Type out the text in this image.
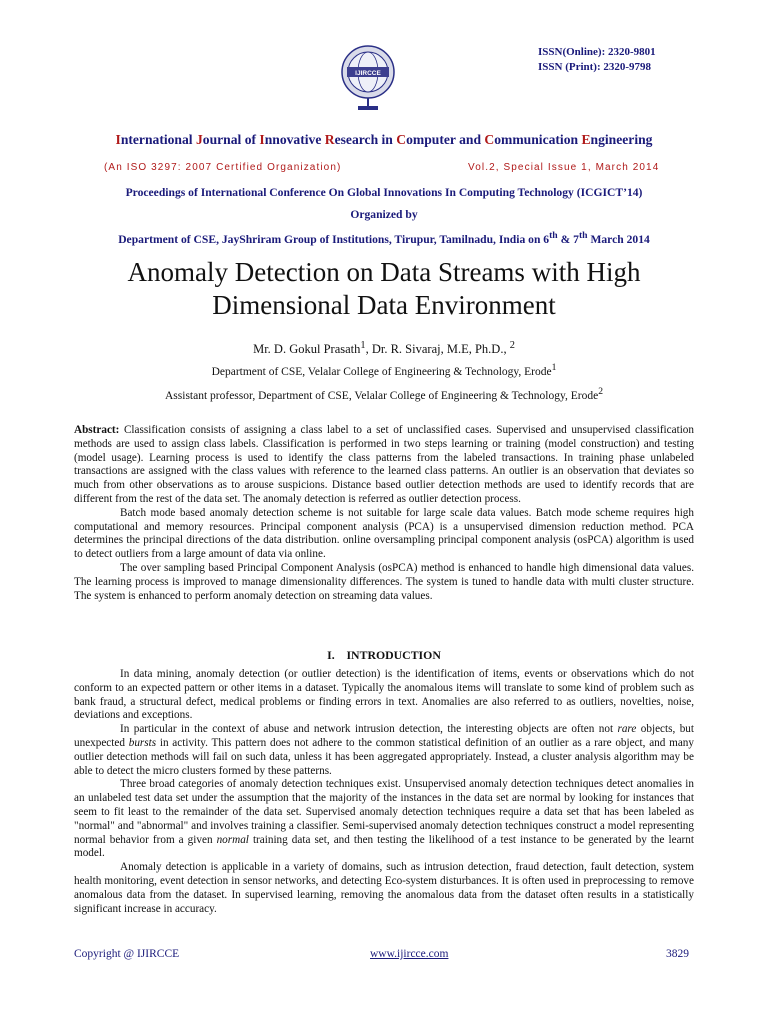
IJIRCCE
ISSN(Online): 2320-9801
ISSN (Print): 2320-9798
International Journal of Innovative Research in Computer and Communication Engineering
(An ISO 3297: 2007 Certified Organization)	Vol.2, Special Issue 1, March 2014
Proceedings of International Conference On Global Innovations In Computing Technology (ICGICT’14)
Organized by
Department of CSE, JayShriram Group of Institutions, Tirupur, Tamilnadu, India on 6th & 7th March 2014
Anomaly Detection on Data Streams with High
Dimensional Data Environment
Mr. D. Gokul Prasath$^1$, Dr. R. Sivaraj, M.E, Ph.D., $^2$
Department of CSE, Velalar College of Engineering & Technology, Erode$^1$
Assistant professor, Department of CSE, Velalar College of Engineering & Technology, Erode$^2$

Abstract: Classification consists of assigning a class label to a set of unclassified cases. Supervised and unsupervised classification methods are used to assign class labels. Classification is performed in two steps learning or training (model construction) and testing (model usage). Learning process is used to identify the class patterns from the labeled transactions. In training phase unlabeled transactions are assigned with the class values with reference to the learned class patterns. An outlier is an observation that deviates so much from other observations as to arouse suspicions. Distance based outlier detection methods are used to identify records that are different from the rest of the data set. The anomaly detection is referred as outlier detection process.

Batch mode based anomaly detection scheme is not suitable for large scale data values. Batch mode scheme requires high computational and memory resources. Principal component analysis (PCA) is a unsupervised dimension reduction method. PCA determines the principal directions of the data distribution. online oversampling principal component analysis (osPCA) algorithm is used to detect outliers from a large amount of data via online.

The over sampling based Principal Component Analysis (osPCA) method is enhanced to handle high dimensional data values. The learning process is improved to manage dimensionality differences. The system is tuned to handle data with multi cluster structure. The system is enhanced to perform anomaly detection on streaming data values.

I.    INTRODUCTION

In data mining, anomaly detection (or outlier detection) is the identification of items, events or observations which do not conform to an expected pattern or other items in a dataset. Typically the anomalous items will translate to some kind of problem such as bank fraud, a structural defect, medical problems or finding errors in text. Anomalies are also referred to as outliers, novelties, noise, deviations and exceptions.

In particular in the context of abuse and network intrusion detection, the interesting objects are often not rare objects, but unexpected bursts in activity. This pattern does not adhere to the common statistical definition of an outlier as a rare object, and many outlier detection methods will fail on such data, unless it has been aggregated appropriately. Instead, a cluster analysis algorithm may be able to detect the micro clusters formed by these patterns.

Three broad categories of anomaly detection techniques exist. Unsupervised anomaly detection techniques detect anomalies in an unlabeled test data set under the assumption that the majority of the instances in the data set are normal by looking for instances that seem to fit least to the remainder of the data set. Supervised anomaly detection techniques require a data set that has been labeled as "normal" and "abnormal" and involves training a classifier. Semi-supervised anomaly detection techniques construct a model representing normal behavior from a given normal training data set, and then testing the likelihood of a test instance to be generated by the learnt model.

Anomaly detection is applicable in a variety of domains, such as intrusion detection, fraud detection, fault detection, system health monitoring, event detection in sensor networks, and detecting Eco-system disturbances. It is often used in preprocessing to remove anomalous data from the dataset. In supervised learning, removing the anomalous data from the dataset often results in a statistically significant increase in accuracy.

Copyright @ IJIRCCE	www.ijircce.com	3829
